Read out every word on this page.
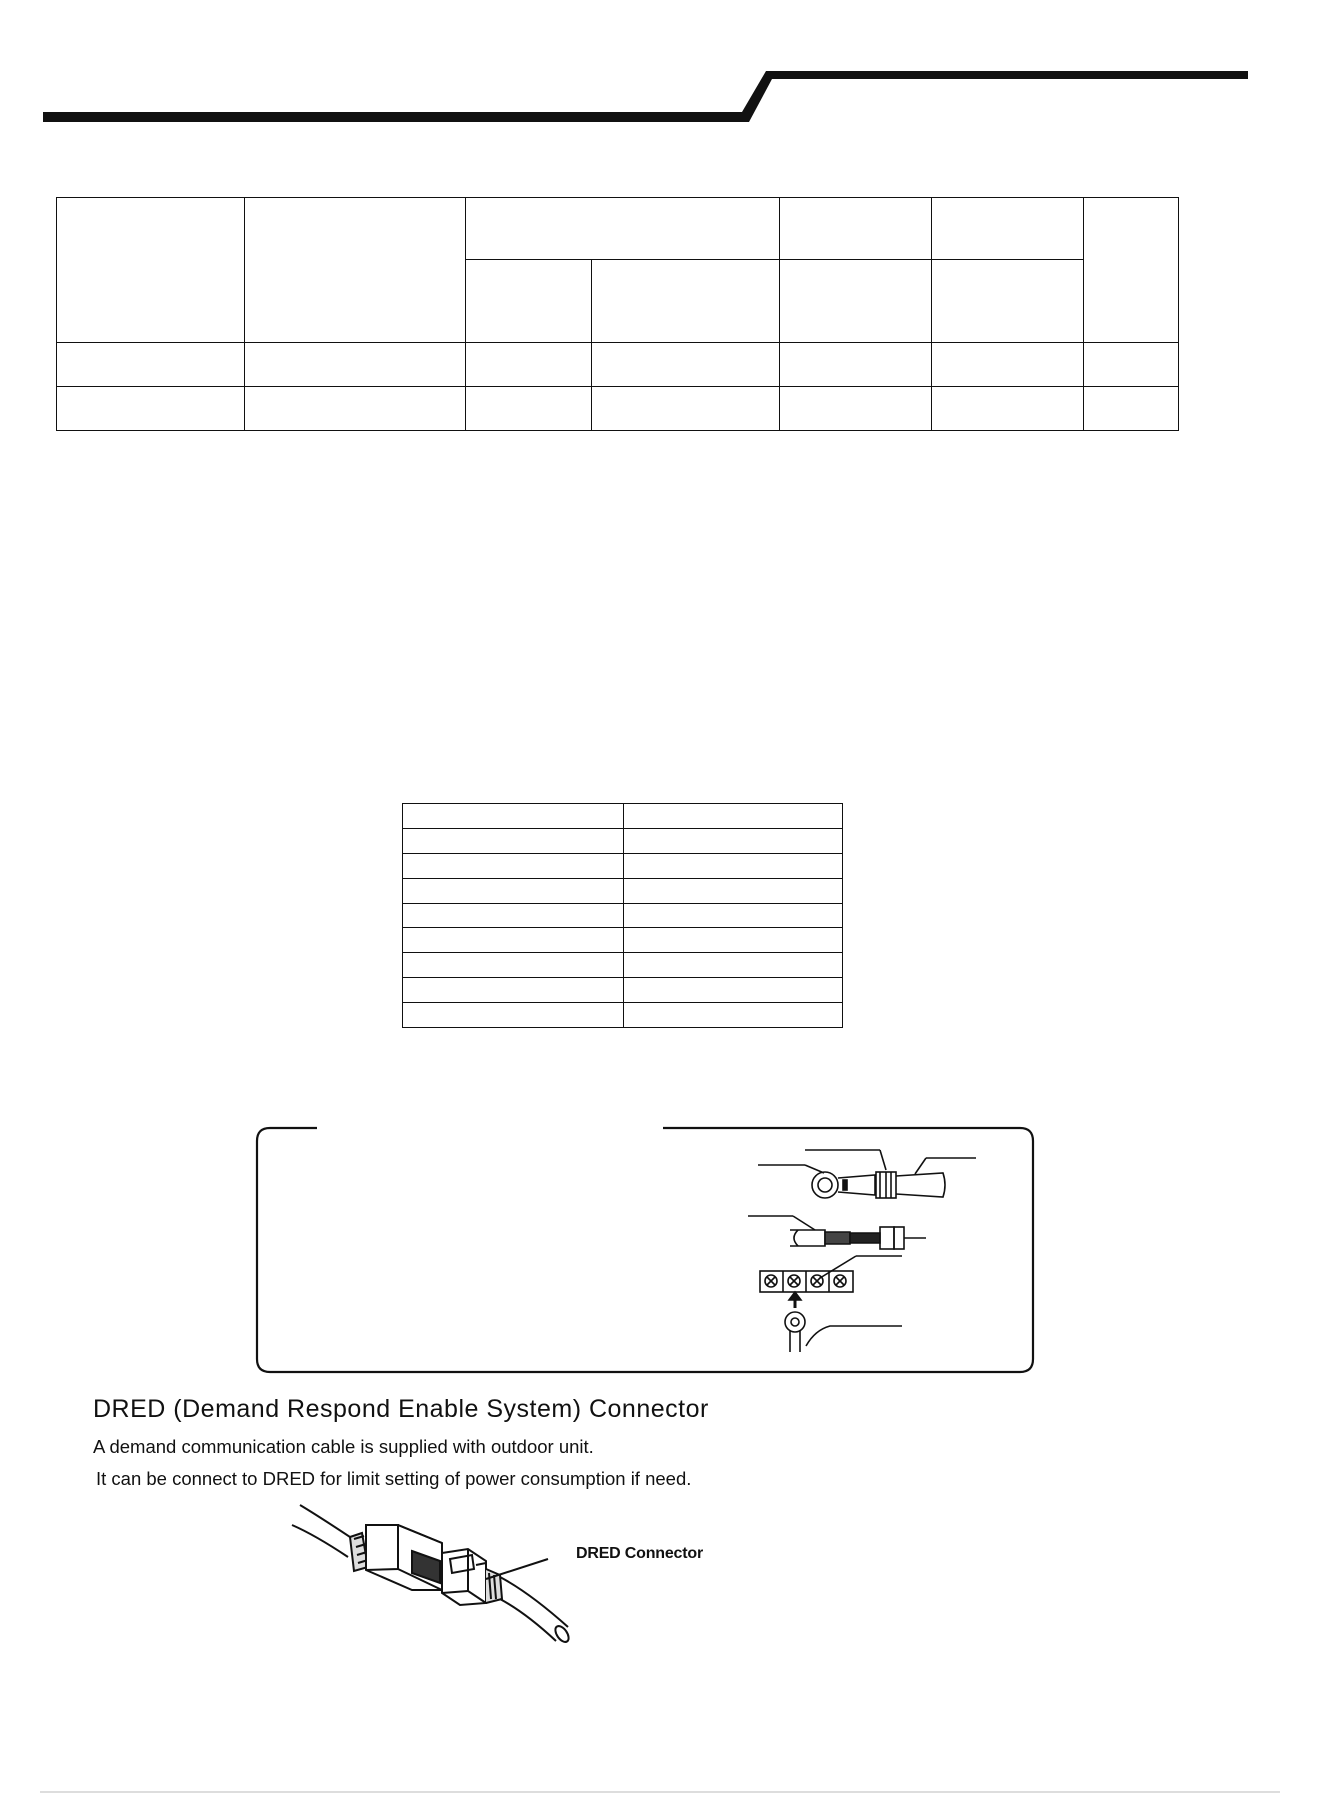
DRED (Demand Respond Enable System) Connector

A demand communication cable is supplied with outdoor unit.

It can be connect to DRED for limit setting of power consumption if need.

DRED Connector
